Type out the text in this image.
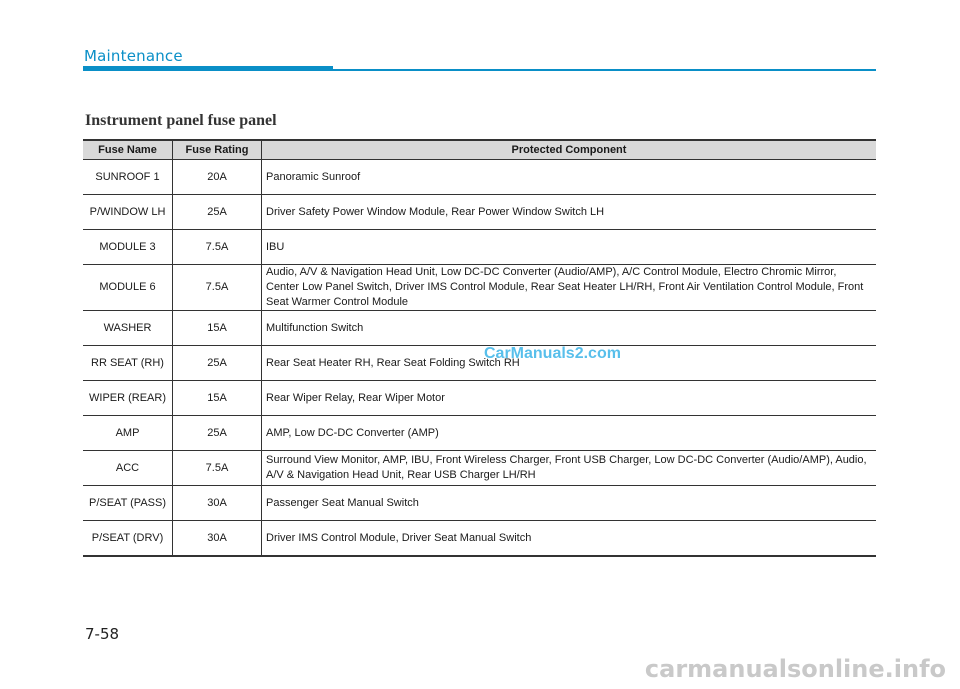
Maintenance
Instrument panel fuse panel
Fuse Name	Fuse Rating	Protected Component
SUNROOF 1	20A	Panoramic Sunroof
P/WINDOW LH	25A	Driver Safety Power Window Module, Rear Power Window Switch LH
MODULE 3	7.5A	IBU
MODULE 6	7.5A	Audio, A/V & Navigation Head Unit, Low DC-DC Converter (Audio/AMP), A/C Control Module, Electro Chromic Mirror, Center Low Panel Switch, Driver IMS Control Module, Rear Seat Heater LH/RH, Front Air Ventilation Control Module, Front Seat Warmer Control Module
WASHER	15A	Multifunction Switch
RR SEAT (RH)	25A	Rear Seat Heater RH, Rear Seat Folding Switch RH
WIPER (REAR)	15A	Rear Wiper Relay, Rear Wiper Motor
AMP	25A	AMP, Low DC-DC Converter (AMP)
ACC	7.5A	Surround View Monitor, AMP, IBU, Front Wireless Charger, Front USB Charger, Low DC-DC Converter (Audio/AMP), Audio, A/V & Navigation Head Unit, Rear USB Charger LH/RH
P/SEAT (PASS)	30A	Passenger Seat Manual Switch
P/SEAT (DRV)	30A	Driver IMS Control Module, Driver Seat Manual Switch
CarManuals2.com
7-58
carmanualsonline.info
